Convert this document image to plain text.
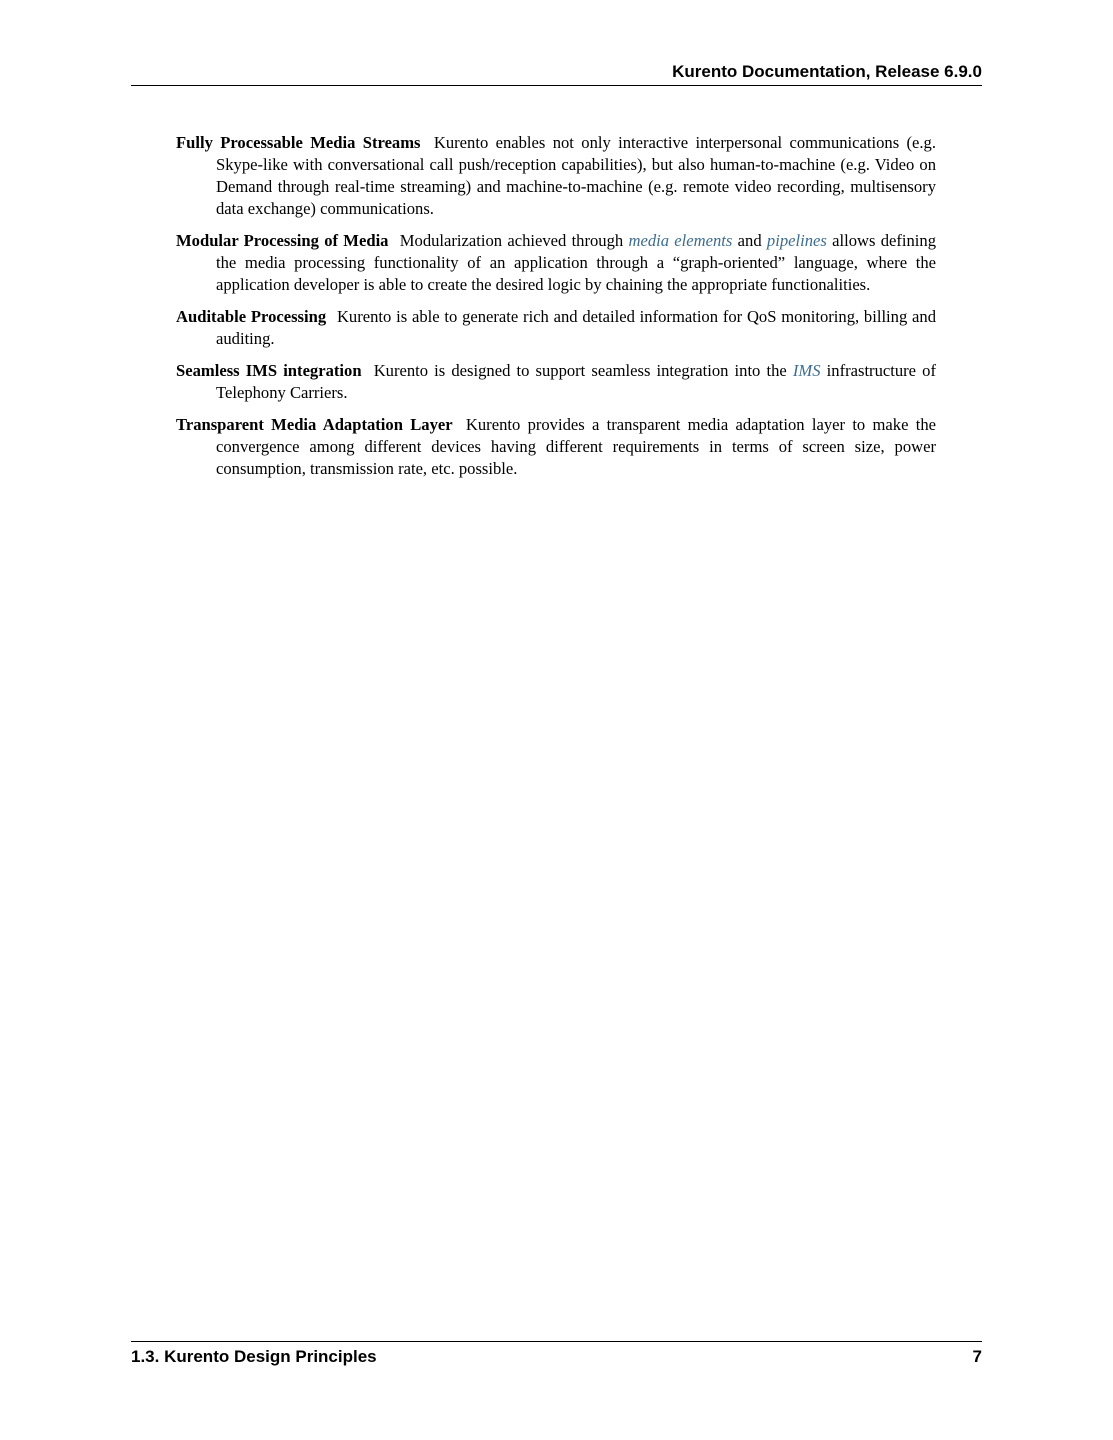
Kurento Documentation, Release 6.9.0

Fully Processable Media Streams Kurento enables not only interactive interpersonal communications (e.g. Skype-like with conversational call push/reception capabilities), but also human-to-machine (e.g. Video on Demand through real-time streaming) and machine-to-machine (e.g. remote video recording, multisensory data exchange) communications.

Modular Processing of Media Modularization achieved through media elements and pipelines allows defining the media processing functionality of an application through a “graph-oriented” language, where the application developer is able to create the desired logic by chaining the appropriate functionalities.

Auditable Processing Kurento is able to generate rich and detailed information for QoS monitoring, billing and auditing.

Seamless IMS integration Kurento is designed to support seamless integration into the IMS infrastructure of Telephony Carriers.

Transparent Media Adaptation Layer Kurento provides a transparent media adaptation layer to make the convergence among different devices having different requirements in terms of screen size, power consumption, transmission rate, etc. possible.

1.3. Kurento Design Principles	7
